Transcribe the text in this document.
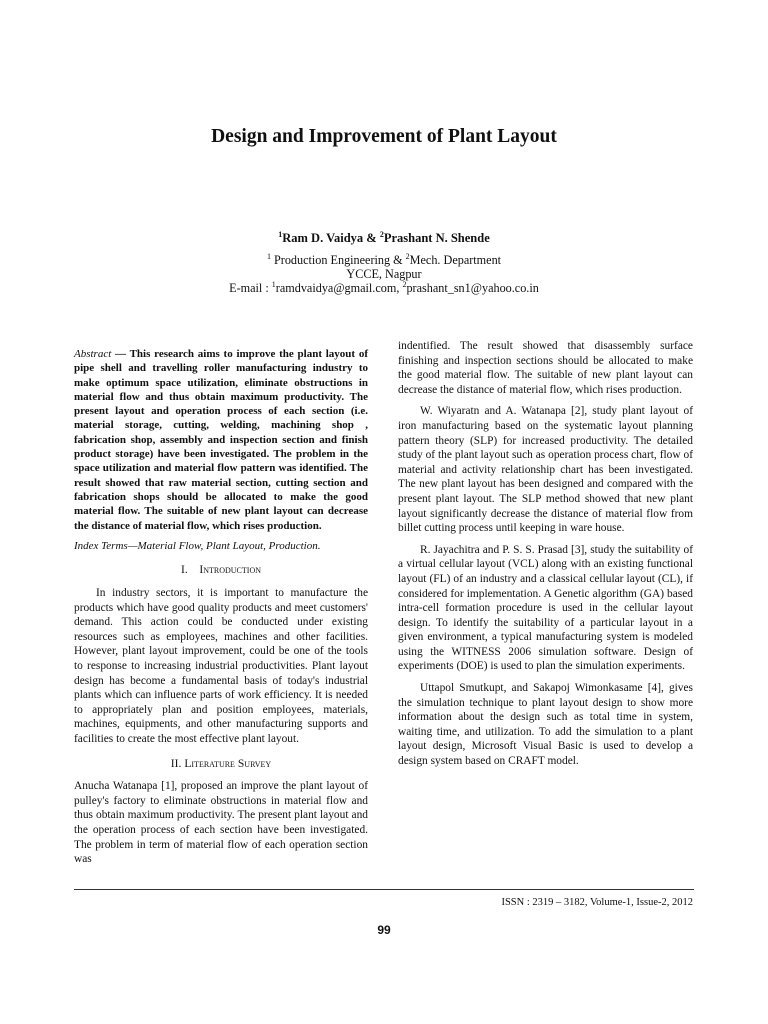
Design and Improvement of Plant Layout
$^1$Ram D. Vaidya & $^2$Prashant N. Shende
$^1$ Production Engineering & $^2$Mech. Department
YCCE, Nagpur
E-mail : $^1$ramdvaidya@gmail.com, $^2$prashant_sn1@yahoo.co.in

Abstract — This research aims to improve the plant layout of pipe shell and travelling roller manufacturing industry to make optimum space utilization, eliminate obstructions in material flow and thus obtain maximum productivity. The present layout and operation process of each section (i.e. material storage, cutting, welding, machining shop , fabrication shop, assembly and inspection section and finish product storage) have been investigated. The problem in the space utilization and material flow pattern was identified. The result showed that raw material section, cutting section and fabrication shops should be allocated to make the good material flow. The suitable of new plant layout can decrease the distance of material flow, which rises production.

Index Terms—Material Flow, Plant Layout, Production.

I. Introduction

In industry sectors, it is important to manufacture the products which have good quality products and meet customers' demand. This action could be conducted under existing resources such as employees, machines and other facilities. However, plant layout improvement, could be one of the tools to response to increasing industrial productivities. Plant layout design has become a fundamental basis of today's industrial plants which can influence parts of work efficiency. It is needed to appropriately plan and position employees, materials, machines, equipments, and other manufacturing supports and facilities to create the most effective plant layout.

II. Literature Survey

Anucha Watanapa [1], proposed an improve the plant layout of pulley's factory to eliminate obstructions in material flow and thus obtain maximum productivity. The present plant layout and the operation process of each section have been investigated. The problem in term of material flow of each operation section was

indentified. The result showed that disassembly surface finishing and inspection sections should be allocated to make the good material flow. The suitable of new plant layout can decrease the distance of material flow, which rises production.

W. Wiyaratn and A. Watanapa [2], study plant layout of iron manufacturing based on the systematic layout planning pattern theory (SLP) for increased productivity. The detailed study of the plant layout such as operation process chart, flow of material and activity relationship chart has been investigated. The new plant layout has been designed and compared with the present plant layout. The SLP method showed that new plant layout significantly decrease the distance of material flow from billet cutting process until keeping in ware house.

R. Jayachitra and P. S. S. Prasad [3], study the suitability of a virtual cellular layout (VCL) along with an existing functional layout (FL) of an industry and a classical cellular layout (CL), if considered for implementation. A Genetic algorithm (GA) based intra-cell formation procedure is used in the cellular layout design. To identify the suitability of a particular layout in a given environment, a typical manufacturing system is modeled using the WITNESS 2006 simulation software. Design of experiments (DOE) is used to plan the simulation experiments.

Uttapol Smutkupt, and Sakapoj Wimonkasame [4], gives the simulation technique to plant layout design to show more information about the design such as total time in system, waiting time, and utilization. To add the simulation to a plant layout design, Microsoft Visual Basic is used to develop a design system based on CRAFT model.

ISSN : 2319 – 3182, Volume-1, Issue-2, 2012
99
